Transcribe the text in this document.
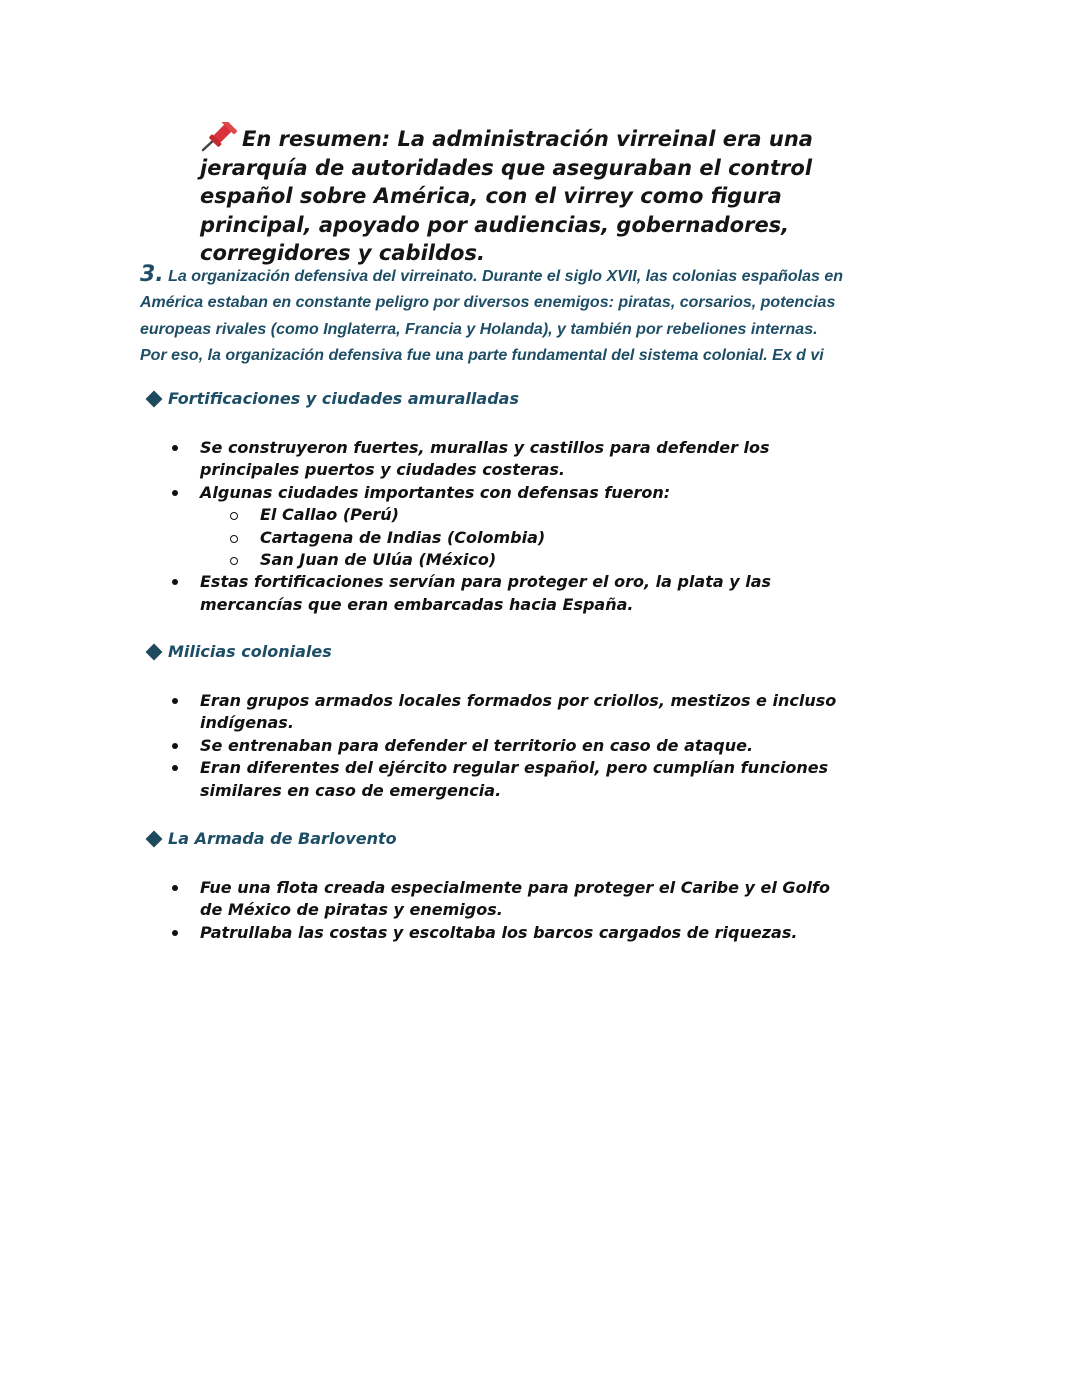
En resumen: La administración virreinal era una jerarquía de autoridades que aseguraban el control español sobre América, con el virrey como figura principal, apoyado por audiencias, gobernadores, corregidores y cabildos.
3. La organización defensiva del virreinato. Durante el siglo XVII, las colonias españolas en
América estaban en constante peligro por diversos enemigos: piratas, corsarios, potencias
europeas rivales (como Inglaterra, Francia y Holanda), y también por rebeliones internas.
Por eso, la organización defensiva fue una parte fundamental del sistema colonial. Ex d vi
Fortificaciones y ciudades amuralladas
Se construyeron fuertes, murallas y castillos para defender los principales puertos y ciudades costeras.
Algunas ciudades importantes con defensas fueron:
El Callao (Perú)
Cartagena de Indias (Colombia)
San Juan de Ulúa (México)
Estas fortificaciones servían para proteger el oro, la plata y las mercancías que eran embarcadas hacia España.
Milicias coloniales
Eran grupos armados locales formados por criollos, mestizos e incluso indígenas.
Se entrenaban para defender el territorio en caso de ataque.
Eran diferentes del ejército regular español, pero cumplían funciones similares en caso de emergencia.
La Armada de Barlovento
Fue una flota creada especialmente para proteger el Caribe y el Golfo de México de piratas y enemigos.
Patrullaba las costas y escoltaba los barcos cargados de riquezas.
